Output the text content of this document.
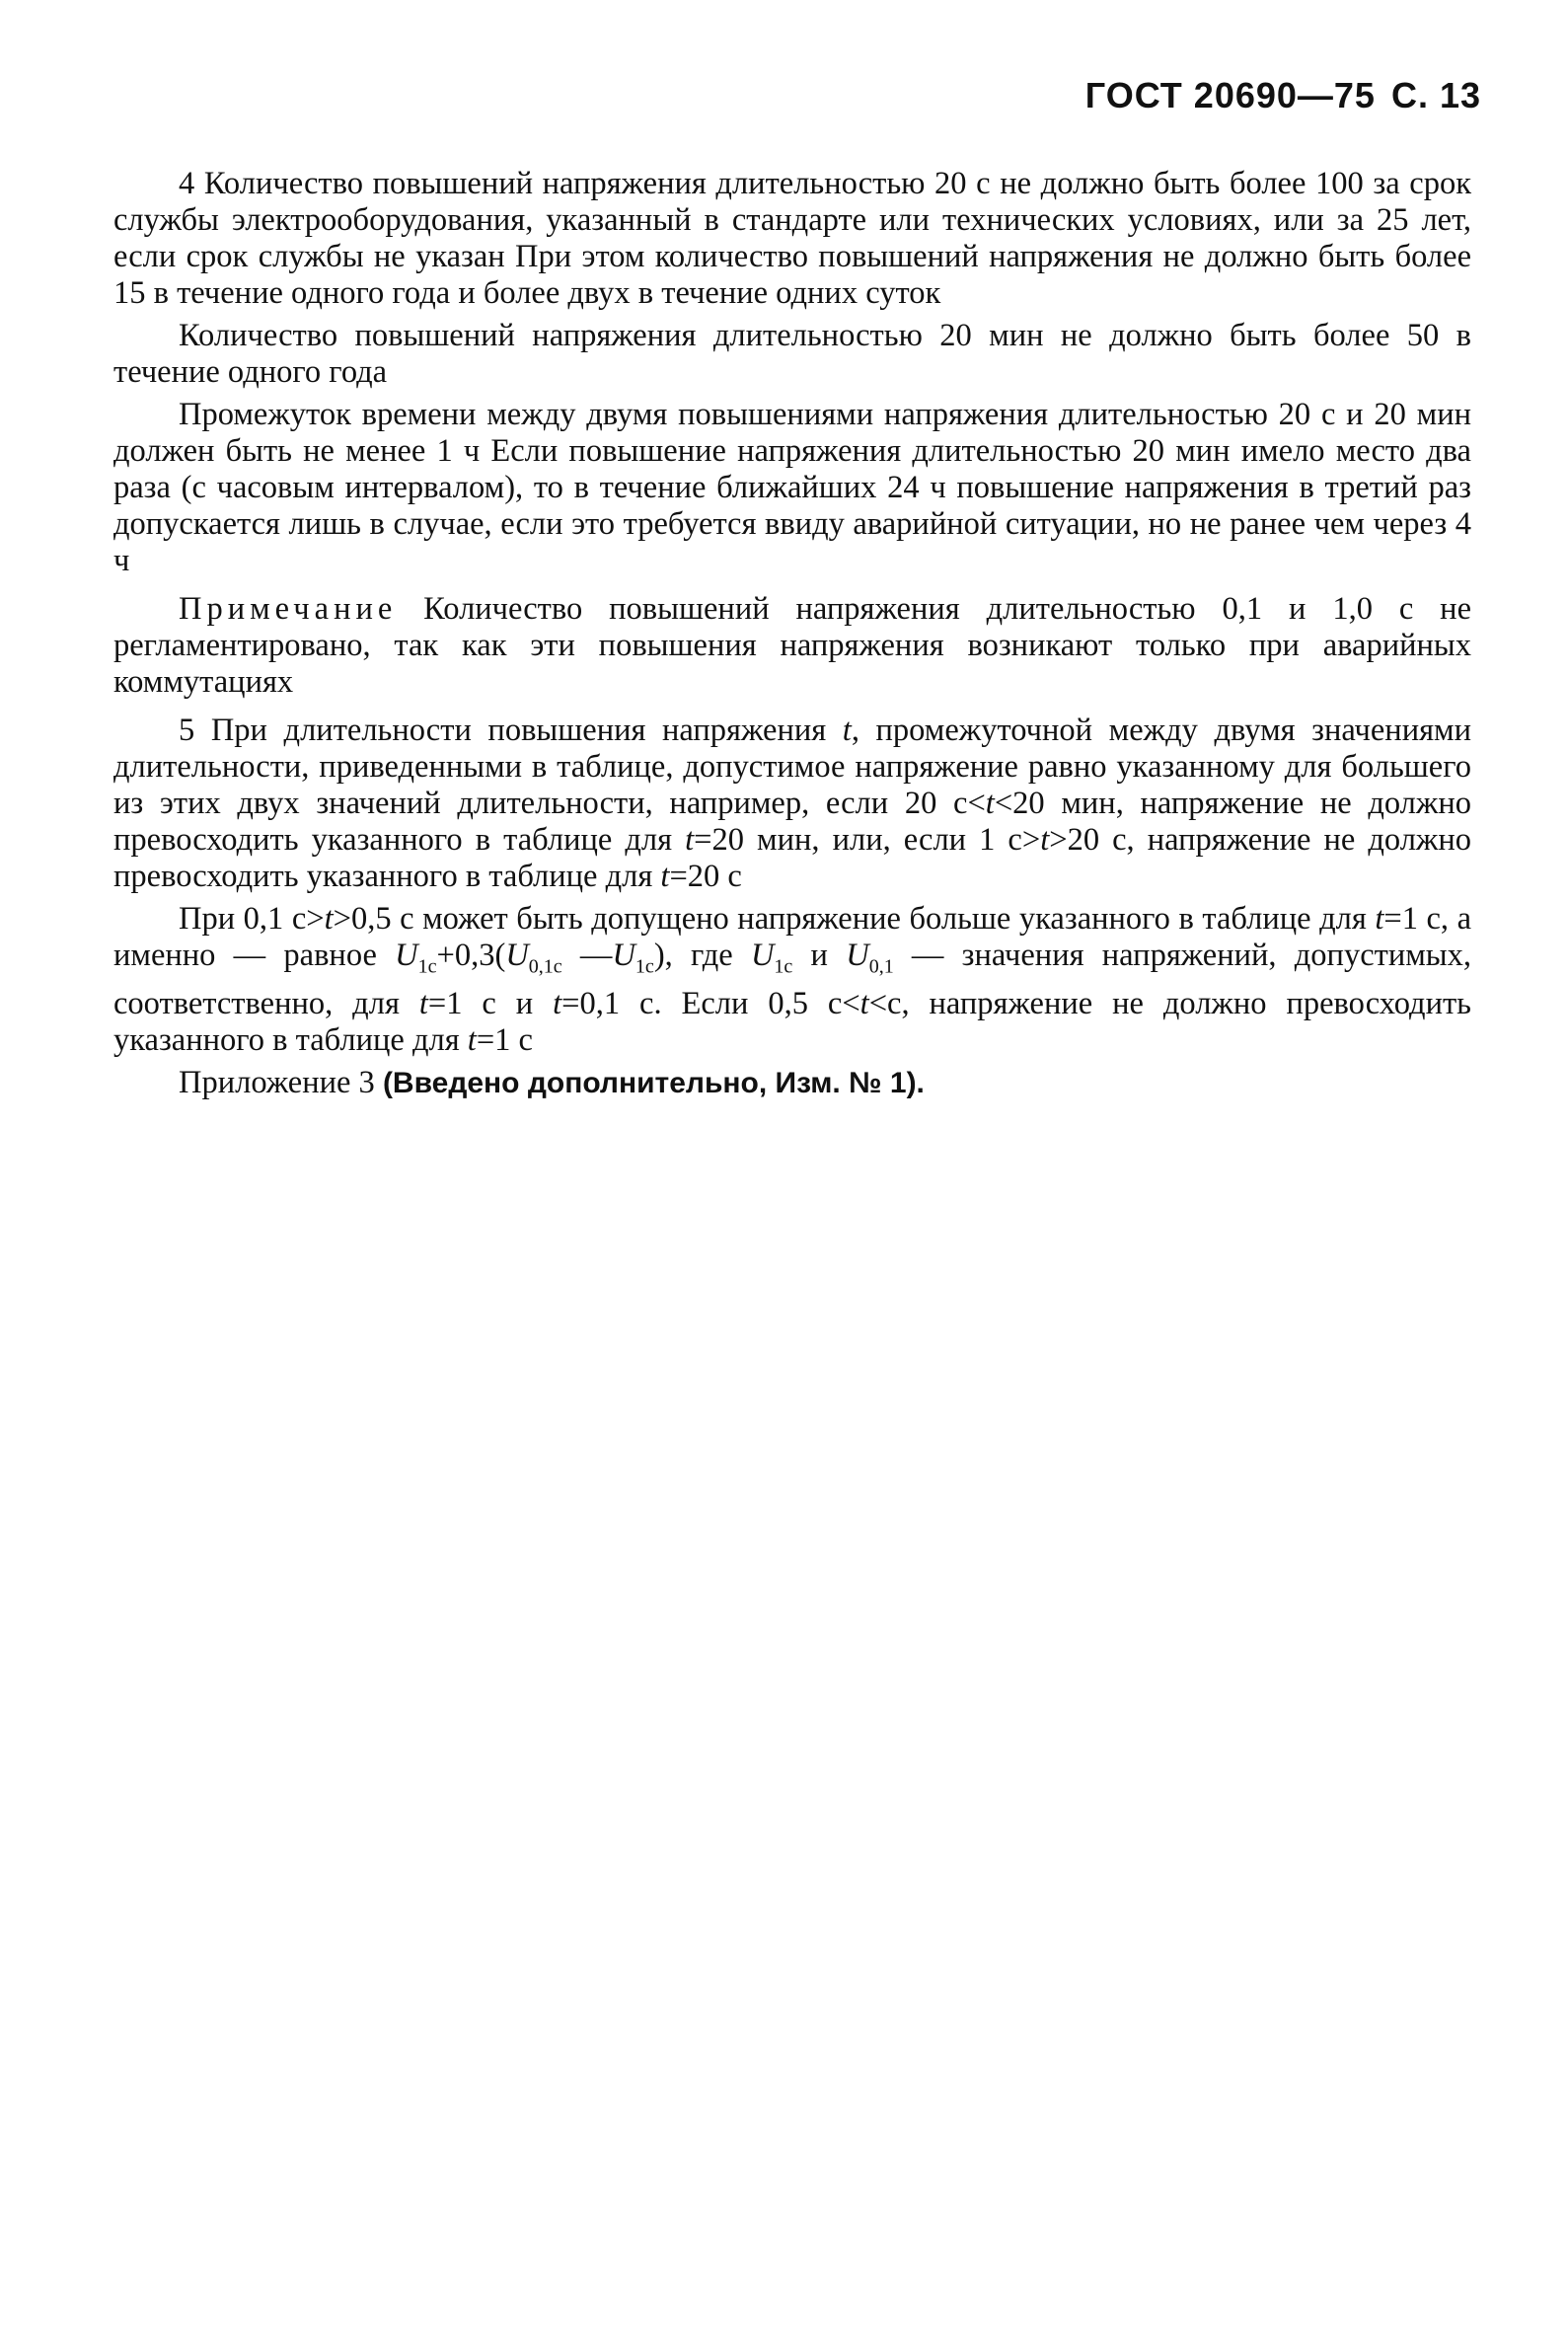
ГОСТ 20690—75 С. 13

4 Количество повышений напряжения длительностью 20 с не должно быть более 100 за срок службы электрооборудования, указанный в стандарте или технических условиях, или за 25 лет, если срок службы не указан При этом количество повышений напряжения не должно быть более 15 в течение одного года и более двух в течение одних суток

Количество повышений напряжения длительностью 20 мин не должно быть более 50 в течение одного года

Промежуток времени между двумя повышениями напряжения длительностью 20 с и 20 мин должен быть не менее 1 ч Если повышение напряжения длительностью 20 мин имело место два раза (с часовым интервалом), то в течение ближайших 24 ч повышение напряжения в третий раз допускается лишь в случае, если это требуется ввиду аварийной ситуации, но не ранее чем через 4 ч

Примечание Количество повышений напряжения длительностью 0,1 и 1,0 с не регламентировано, так как эти повышения напряжения возникают только при аварийных коммутациях

5 При длительности повышения напряжения t, промежуточной между двумя значениями длительности, приведенными в таблице, допустимое напряжение равно указанному для большего из этих двух значений длительности, например, если 20 с<t<20 мин, напряжение не должно превосходить указанного в таблице для t=20 мин, или, если 1 с>t>20 с, напряжение не должно превосходить указанного в таблице для t=20 с

При 0,1 с>t>0,5 с может быть допущено напряжение больше указанного в таблице для t=1 с, а именно — равное $U_{1c}+0,3(U_{0,1c}$ $—U_{1c}$), где $U_{1c}$ и $U_{0,1}$ — значения напряжений, допустимых, соответственно, для t=1 с и t=0,1 с. Если 0,5 с<t<с, напряжение не должно превосходить указанного в таблице для t=1 с

Приложение 3 (Введено дополнительно, Изм. № 1).
